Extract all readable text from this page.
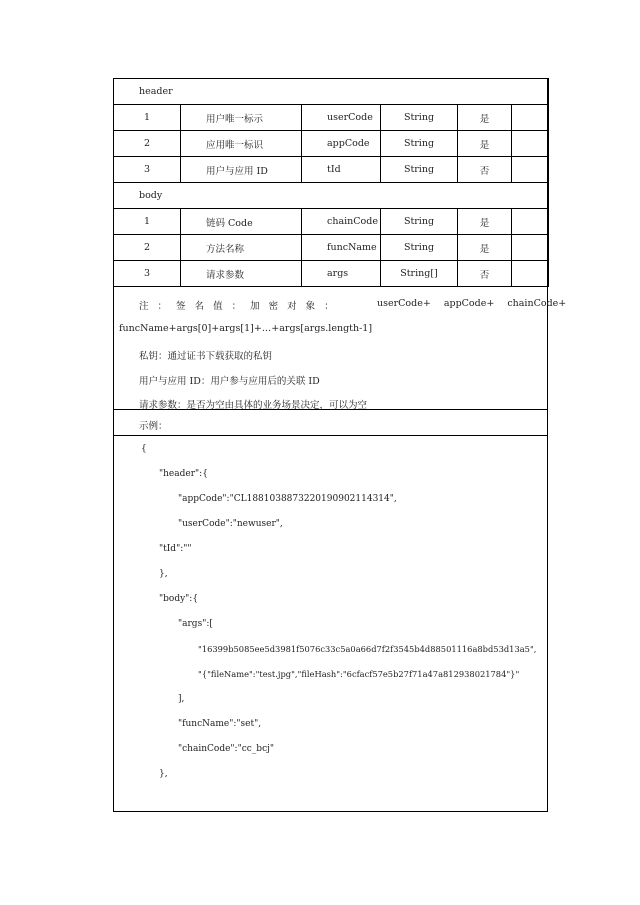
header					
1	用户唯一标示	userCode	String	是	
2	应用唯一标识	appCode	String	是	
3	用户与应用 ID	tId	String	否	
body					
1	链码 Code	chainCode	String	是	
2	方法名称	funcName	String	是	
3	请求参数	args	String[]	否	
注 ： 签 名 值 ： 加 密 对 象 ：	userCode+ appCode+ chainCode+
funcName+args[0]+args[1]+…+args[args.length-1]
私钥：通过证书下载获取的私钥
用户与应用 ID：用户参与应用后的关联 ID
请求参数：是否为空由具体的业务场景决定，可以为空
示例：
{
"header":{
"appCode":"CL1881038873220190902114314",
"userCode":"newuser",
"tId":""
},
"body":{
"args":[
"16399b5085ee5d3981f5076c33c5a0a66d7f2f3545b4d88501116a8bd53d13a5",
"{"fileName":"test.jpg","fileHash":"6cfacf57e5b27f71a47a812938021784"}"
],
"funcName":"set",
"chainCode":"cc_bcj"
},
